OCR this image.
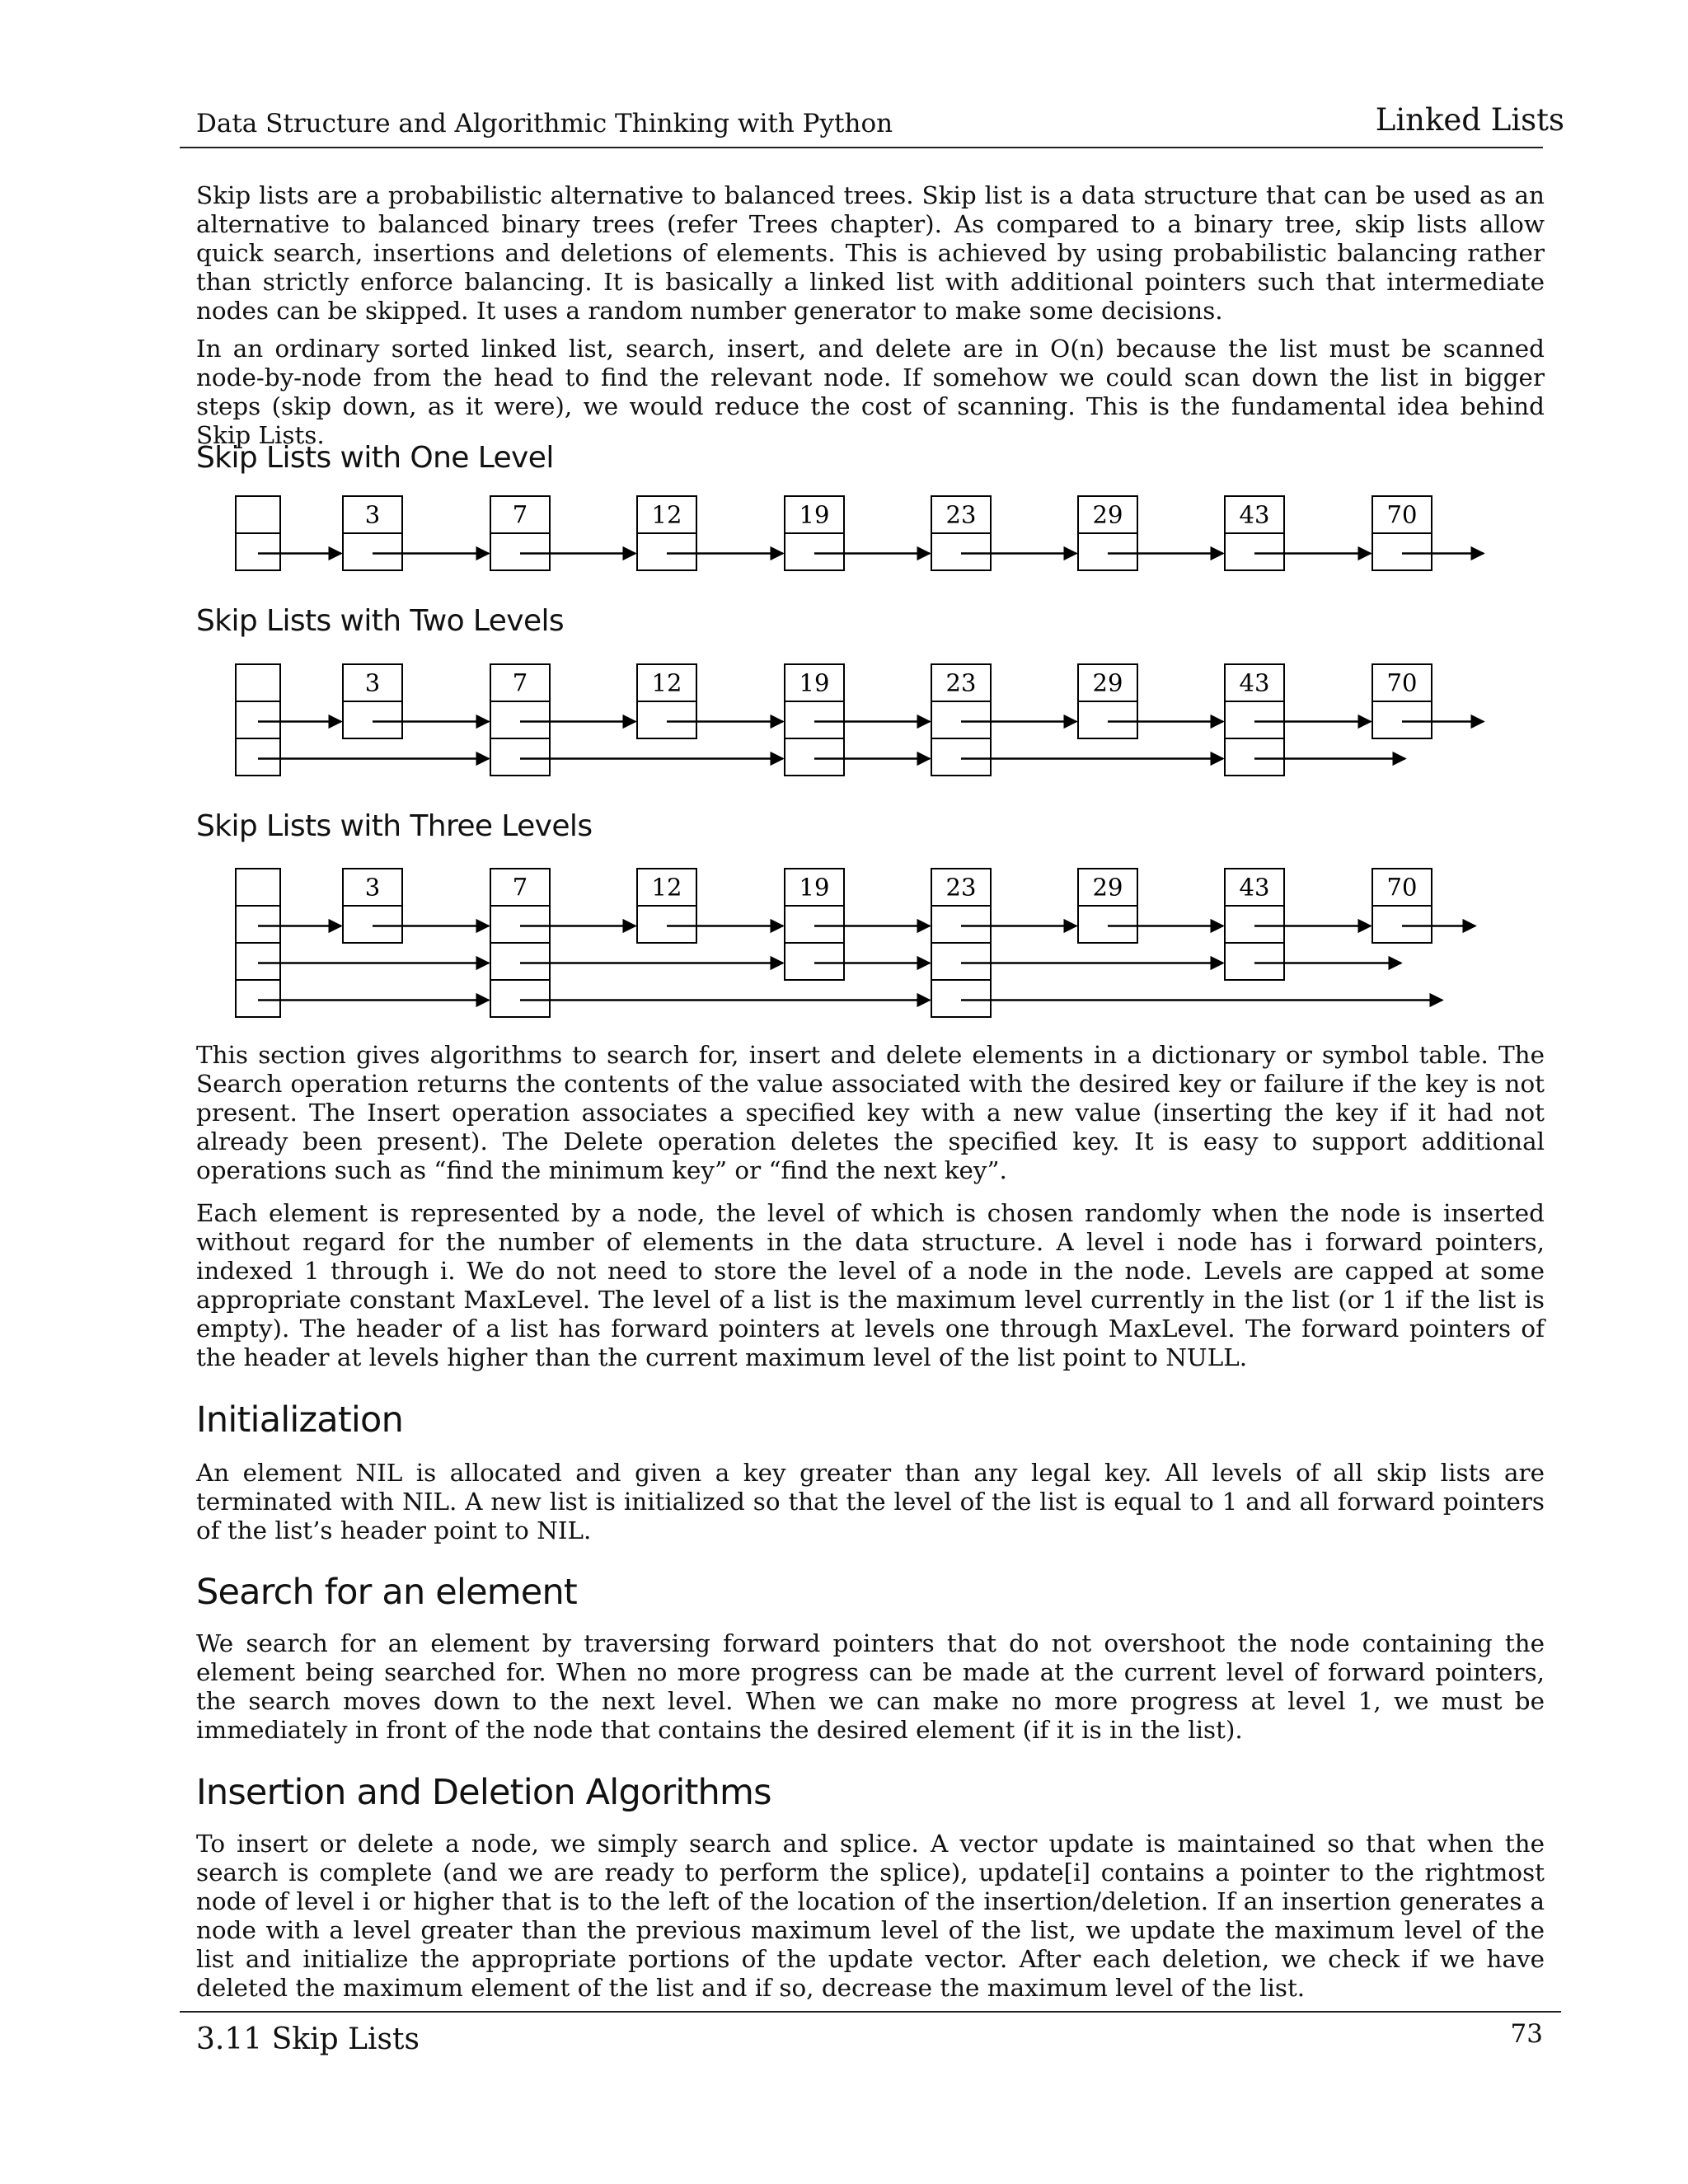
Data Structure and Algorithmic Thinking with Python	Linked Lists

Skip lists are a probabilistic alternative to balanced trees. Skip list is a data structure that can be used as an alternative to balanced binary trees (refer Trees chapter). As compared to a binary tree, skip lists allow quick search, insertions and deletions of elements. This is achieved by using probabilistic balancing rather than strictly enforce balancing. It is basically a linked list with additional pointers such that intermediate nodes can be skipped. It uses a random number generator to make some decisions.

In an ordinary sorted linked list, search, insert, and delete are in O(n) because the list must be scanned node-by-node from the head to find the relevant node. If somehow we could scan down the list in bigger steps (skip down, as it were), we would reduce the cost of scanning. This is the fundamental idea behind Skip Lists.

Skip Lists with One Level
3	7	12	19	23	29	43	70
Skip Lists with Two Levels
3	7	12	19	23	29	43	70
Skip Lists with Three Levels
3	7	12	19	23	29	43	70

This section gives algorithms to search for, insert and delete elements in a dictionary or symbol table. The Search operation returns the contents of the value associated with the desired key or failure if the key is not present. The Insert operation associates a specified key with a new value (inserting the key if it had not already been present). The Delete operation deletes the specified key. It is easy to support additional operations such as “find the minimum key” or “find the next key”.

Each element is represented by a node, the level of which is chosen randomly when the node is inserted without regard for the number of elements in the data structure. A level i node has i forward pointers, indexed 1 through i. We do not need to store the level of a node in the node. Levels are capped at some appropriate constant MaxLevel. The level of a list is the maximum level currently in the list (or 1 if the list is empty). The header of a list has forward pointers at levels one through MaxLevel. The forward pointers of the header at levels higher than the current maximum level of the list point to NULL.

Initialization

An element NIL is allocated and given a key greater than any legal key. All levels of all skip lists are terminated with NIL. A new list is initialized so that the level of the list is equal to 1 and all forward pointers of the list’s header point to NIL.

Search for an element

We search for an element by traversing forward pointers that do not overshoot the node containing the element being searched for. When no more progress can be made at the current level of forward pointers, the search moves down to the next level. When we can make no more progress at level 1, we must be immediately in front of the node that contains the desired element (if it is in the list).

Insertion and Deletion Algorithms

To insert or delete a node, we simply search and splice. A vector update is maintained so that when the search is complete (and we are ready to perform the splice), update[i] contains a pointer to the rightmost node of level i or higher that is to the left of the location of the insertion/deletion. If an insertion generates a node with a level greater than the previous maximum level of the list, we update the maximum level of the list and initialize the appropriate portions of the update vector. After each deletion, we check if we have deleted the maximum element of the list and if so, decrease the maximum level of the list.

3.11 Skip Lists	73
